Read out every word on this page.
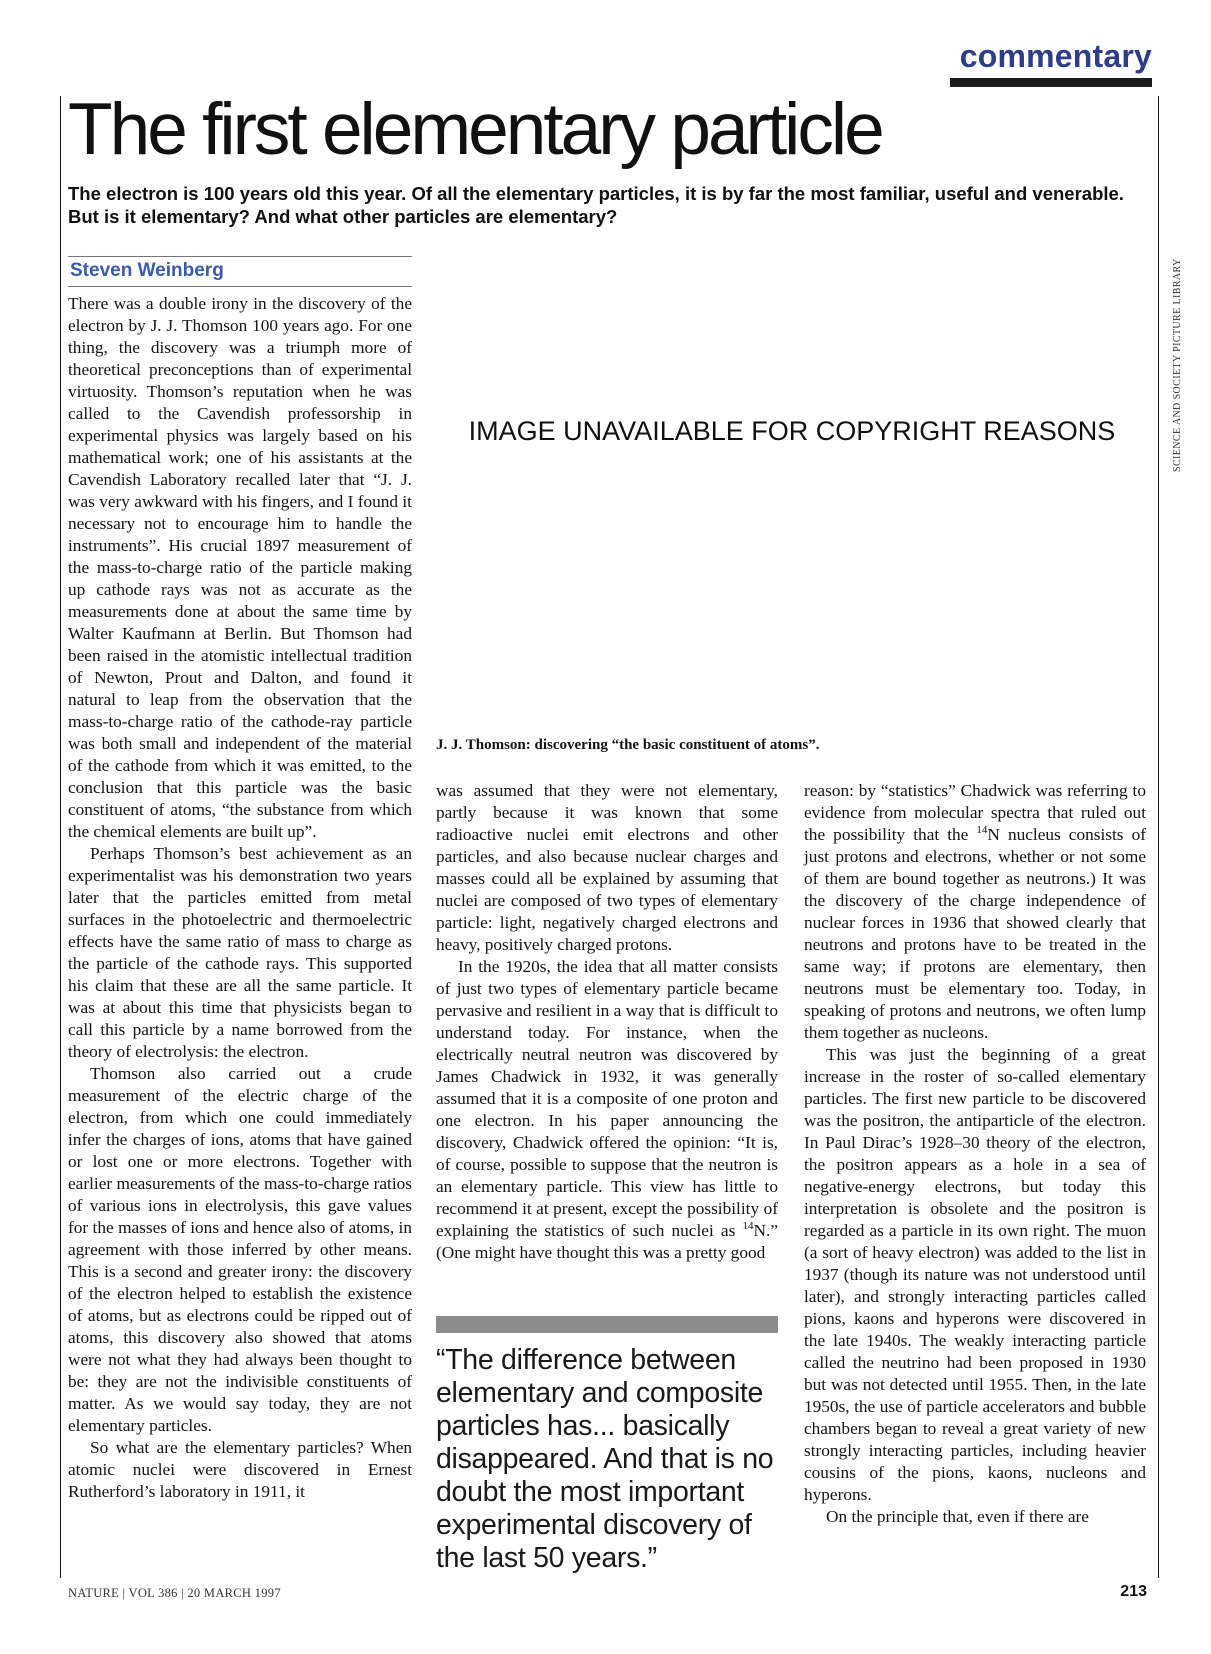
commentary
The first elementary particle

The electron is 100 years old this year. Of all the elementary particles, it is by far the most familiar, useful and venerable. But is it elementary? And what other particles are elementary?

Steven Weinberg

There was a double irony in the discovery of the electron by J. J. Thomson 100 years ago. For one thing, the discovery was a triumph more of theoretical preconceptions than of experimental virtuosity. Thomson’s reputation when he was called to the Cavendish professorship in experimental physics was largely based on his mathematical work; one of his assistants at the Cavendish Laboratory recalled later that “J. J. was very awkward with his fingers, and I found it necessary not to encourage him to handle the instruments”. His crucial 1897 measurement of the mass-to-charge ratio of the particle making up cathode rays was not as accurate as the measurements done at about the same time by Walter Kaufmann at Berlin. But Thomson had been raised in the atomistic intellectual tradition of Newton, Prout and Dalton, and found it natural to leap from the observation that the mass-to-charge ratio of the cathode-ray particle was both small and independent of the material of the cathode from which it was emitted, to the conclusion that this particle was the basic constituent of atoms, “the substance from which the chemical elements are built up”.

Perhaps Thomson’s best achievement as an experimentalist was his demonstration two years later that the particles emitted from metal surfaces in the photoelectric and thermoelectric effects have the same ratio of mass to charge as the particle of the cathode rays. This supported his claim that these are all the same particle. It was at about this time that physicists began to call this particle by a name borrowed from the theory of electrolysis: the electron.

Thomson also carried out a crude measurement of the electric charge of the electron, from which one could immediately infer the charges of ions, atoms that have gained or lost one or more electrons. Together with earlier measurements of the mass-to-charge ratios of various ions in electrolysis, this gave values for the masses of ions and hence also of atoms, in agreement with those inferred by other means. This is a second and greater irony: the discovery of the electron helped to establish the existence of atoms, but as electrons could be ripped out of atoms, this discovery also showed that atoms were not what they had always been thought to be: they are not the indivisible constituents of matter. As we would say today, they are not elementary particles.

So what are the elementary particles? When atomic nuclei were discovered in Ernest Rutherford’s laboratory in 1911, it

IMAGE UNAVAILABLE FOR COPYRIGHT REASONS
J. J. Thomson: discovering “the basic constituent of atoms”.
SCIENCE AND SOCIETY PICTURE LIBRARY

was assumed that they were not elementary, partly because it was known that some radioactive nuclei emit electrons and other particles, and also because nuclear charges and masses could all be explained by assuming that nuclei are composed of two types of elementary particle: light, negatively charged electrons and heavy, positively charged protons.

In the 1920s, the idea that all matter consists of just two types of elementary particle became pervasive and resilient in a way that is difficult to understand today. For instance, when the electrically neutral neutron was discovered by James Chadwick in 1932, it was generally assumed that it is a composite of one proton and one electron. In his paper announcing the discovery, Chadwick offered the opinion: “It is, of course, possible to suppose that the neutron is an elementary particle. This view has little to recommend it at present, except the possibility of explaining the statistics of such nuclei as $^{14}$N.” (One might have thought this was a pretty good

“The difference between elementary and composite particles has... basically disappeared. And that is no doubt the most important experimental discovery of the last 50 years.”

reason: by “statistics” Chadwick was referring to evidence from molecular spectra that ruled out the possibility that the $^{14}$N nucleus consists of just protons and electrons, whether or not some of them are bound together as neutrons.) It was the discovery of the charge independence of nuclear forces in 1936 that showed clearly that neutrons and protons have to be treated in the same way; if protons are elementary, then neutrons must be elementary too. Today, in speaking of protons and neutrons, we often lump them together as nucleons.

This was just the beginning of a great increase in the roster of so-called elementary particles. The first new particle to be discovered was the positron, the antiparticle of the electron. In Paul Dirac’s 1928–30 theory of the electron, the positron appears as a hole in a sea of negative-energy electrons, but today this interpretation is obsolete and the positron is regarded as a particle in its own right. The muon (a sort of heavy electron) was added to the list in 1937 (though its nature was not understood until later), and strongly interacting particles called pions, kaons and hyperons were discovered in the late 1940s. The weakly interacting particle called the neutrino had been proposed in 1930 but was not detected until 1955. Then, in the late 1950s, the use of particle accelerators and bubble chambers began to reveal a great variety of new strongly interacting particles, including heavier cousins of the pions, kaons, nucleons and hyperons.

On the principle that, even if there are

NATURE | VOL 386 | 20 MARCH 1997	213
